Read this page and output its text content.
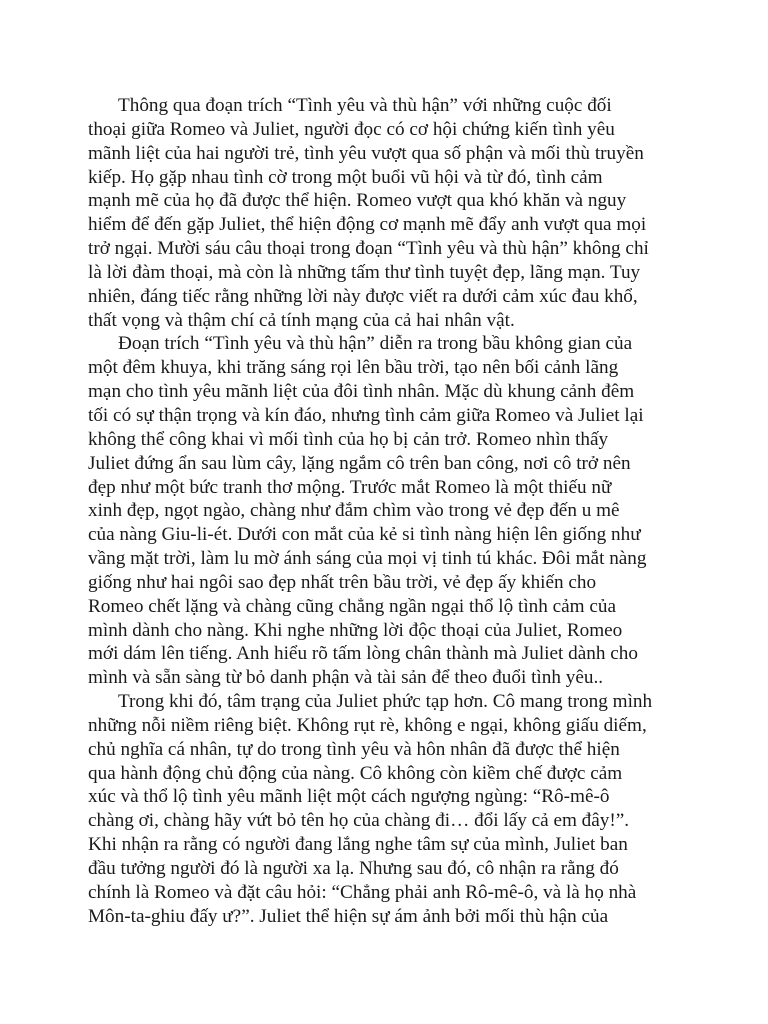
Thông qua đoạn trích “Tình yêu và thù hận” với những cuộc đối
thoại giữa Romeo và Juliet, người đọc có cơ hội chứng kiến tình yêu
mãnh liệt của hai người trẻ, tình yêu vượt qua số phận và mối thù truyền
kiếp. Họ gặp nhau tình cờ trong một buổi vũ hội và từ đó, tình cảm
mạnh mẽ của họ đã được thể hiện. Romeo vượt qua khó khăn và nguy
hiểm để đến gặp Juliet, thể hiện động cơ mạnh mẽ đẩy anh vượt qua mọi
trở ngại. Mười sáu câu thoại trong đoạn “Tình yêu và thù hận” không chỉ
là lời đàm thoại, mà còn là những tấm thư tình tuyệt đẹp, lãng mạn. Tuy
nhiên, đáng tiếc rằng những lời này được viết ra dưới cảm xúc đau khổ,
thất vọng và thậm chí cả tính mạng của cả hai nhân vật.
Đoạn trích “Tình yêu và thù hận” diễn ra trong bầu không gian của
một đêm khuya, khi trăng sáng rọi lên bầu trời, tạo nên bối cảnh lãng
mạn cho tình yêu mãnh liệt của đôi tình nhân. Mặc dù khung cảnh đêm
tối có sự thận trọng và kín đáo, nhưng tình cảm giữa Romeo và Juliet lại
không thể công khai vì mối tình của họ bị cản trở. Romeo nhìn thấy
Juliet đứng ẩn sau lùm cây, lặng ngắm cô trên ban công, nơi cô trở nên
đẹp như một bức tranh thơ mộng. Trước mắt Romeo là một thiếu nữ
xinh đẹp, ngọt ngào, chàng như đắm chìm vào trong vẻ đẹp đến u mê
của nàng Giu-li-ét. Dưới con mắt của kẻ si tình nàng hiện lên giống như
vầng mặt trời, làm lu mờ ánh sáng của mọi vị tinh tú khác. Đôi mắt nàng
giống như hai ngôi sao đẹp nhất trên bầu trời, vẻ đẹp ấy khiến cho
Romeo chết lặng và chàng cũng chẳng ngần ngại thổ lộ tình cảm của
mình dành cho nàng. Khi nghe những lời độc thoại của Juliet, Romeo
mới dám lên tiếng. Anh hiểu rõ tấm lòng chân thành mà Juliet dành cho
mình và sẵn sàng từ bỏ danh phận và tài sản để theo đuổi tình yêu..
Trong khi đó, tâm trạng của Juliet phức tạp hơn. Cô mang trong mình
những nỗi niềm riêng biệt. Không rụt rè, không e ngại, không giấu diếm,
chủ nghĩa cá nhân, tự do trong tình yêu và hôn nhân đã được thể hiện
qua hành động chủ động của nàng. Cô không còn kiềm chế được cảm
xúc và thổ lộ tình yêu mãnh liệt một cách ngượng ngùng: “Rô-mê-ô
chàng ơi, chàng hãy vứt bỏ tên họ của chàng đi… đổi lấy cả em đây!”.
Khi nhận ra rằng có người đang lắng nghe tâm sự của mình, Juliet ban
đầu tưởng người đó là người xa lạ. Nhưng sau đó, cô nhận ra rằng đó
chính là Romeo và đặt câu hỏi: “Chẳng phải anh Rô-mê-ô, và là họ nhà
Môn-ta-ghiu đấy ư?”. Juliet thể hiện sự ám ảnh bởi mối thù hận của
